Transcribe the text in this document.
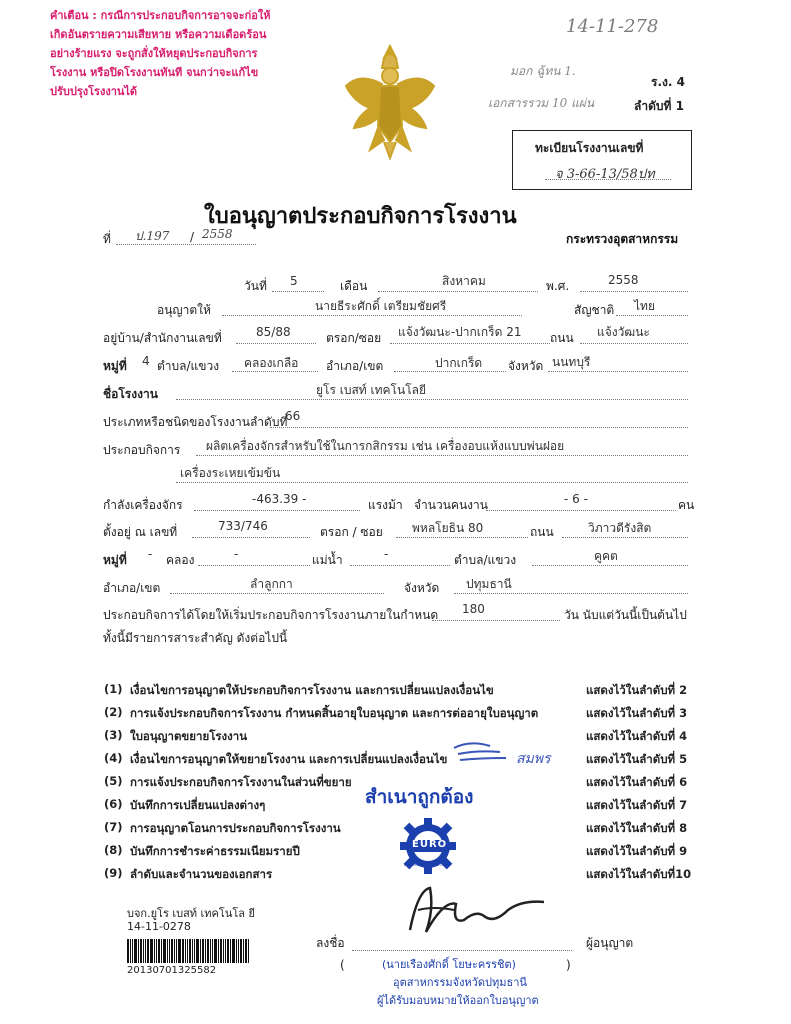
คำเตือน : กรณีการประกอบกิจการอาจจะก่อให้เกิดอันตรายความเสียหาย หรือความเดือดร้อนอย่างร้ายแรง จะถูกสั่งให้หยุดประกอบกิจการโรงงาน หรือปิดโรงงานทันที จนกว่าจะแก้ไขปรับปรุงโรงงานได้
14-11-278
มอก ฉู้ทน 1.
เอกสารรวม 10 แผ่น
ร.ง. 4
ลำดับที่ 1
ทะเบียนโรงงานเลขที่
จ 3-66-13/58ปท
ใบอนุญาตประกอบกิจการโรงงาน
ที่ ป.197 / 2558	กระทรวงอุตสาหกรรม
วันที่ 5	เดือน	สิงหาคม	พ.ศ.	2558
อนุญาตให้	นายธีระศักดิ์ เตรียมชัยศรี	สัญชาติ ไทย
อยู่บ้าน/สำนักงานเลขที่	85/88	ตรอก/ซอย แจ้งวัฒนะ-ปากเกร็ด 21 ถนน แจ้งวัฒนะ
หมู่ที่ 4 ตำบล/แขวง คลองเกลือ อำเภอ/เขต	ปากเกร็ด จังหวัด นนทบุรี
ชื่อโรงงาน	ยูโร เบสท์ เทคโนโลยี
ประเภทหรือชนิดของโรงงานลำดับที่
66
ประกอบกิจการ ผลิตเครื่องจักรสำหรับใช้ในการกสิกรรม เช่น เครื่องอบแห้งแบบพ่นฝอย
เครื่องระเหยเข้มข้น
กำลังเครื่องจักร	-463.39 -	แรงม้า จำนวนคนงาน	- 6 -	คน
ตั้งอยู่ ณ เลขที่	733/746	ตรอก / ซอย พหลโยธิน 80	ถนน	วิภาวดีรังสิต
หมู่ที่ - คลอง	-	แม่น้ำ	-	ตำบล/แขวง	คูคต
อำเภอ/เขต	ลำลูกกา	จังหวัด ปทุมธานี
ประกอบกิจการได้โดยให้เริ่มประกอบกิจการโรงงานภายในกำหนด 180	วัน นับแต่วันนี้เป็นต้นไป
ทั้งนี้มีรายการสาระสำคัญ ดังต่อไปนี้
(1) เงื่อนไขการอนุญาตให้ประกอบกิจการโรงงาน และการเปลี่ยนแปลงเงื่อนไข	แสดงไว้ในลำดับที่ 2
(2) การแจ้งประกอบกิจการโรงงาน กำหนดสิ้นอายุใบอนุญาต และการต่ออายุใบอนุญาต	แสดงไว้ในลำดับที่ 3
(3) ใบอนุญาตขยายโรงงาน	แสดงไว้ในลำดับที่ 4
(4) เงื่อนไขการอนุญาตให้ขยายโรงงาน และการเปลี่ยนแปลงเงื่อนไข	แสดงไว้ในลำดับที่ 5
(5) การแจ้งประกอบกิจการโรงงานในส่วนที่ขยาย	แสดงไว้ในลำดับที่ 6
(6) บันทึกการเปลี่ยนแปลงต่างๆ	แสดงไว้ในลำดับที่ 7
(7) การอนุญาตโอนการประกอบกิจการโรงงาน	แสดงไว้ในลำดับที่ 8
(8) บันทึกการชำระค่าธรรมเนียมรายปี	แสดงไว้ในลำดับที่ 9
(9) ลำดับและจำนวนของเอกสาร	แสดงไว้ในลำดับที่10
สมพร
สำเนาถูกต้อง
EURO
BEST TECHNOLOGY CO.,LTD.
บจก.ยูโร เบสท์ เทคโนโล ยี
14-11-0278
20130701325582
ลงชื่อ	ผู้อนุญาต
(	)
(นายเรืองศักดิ์ โยษะครรชิต)
อุตสาหกรรมจังหวัดปทุมธานี
ผู้ได้รับมอบหมายให้ออกใบอนุญาต
